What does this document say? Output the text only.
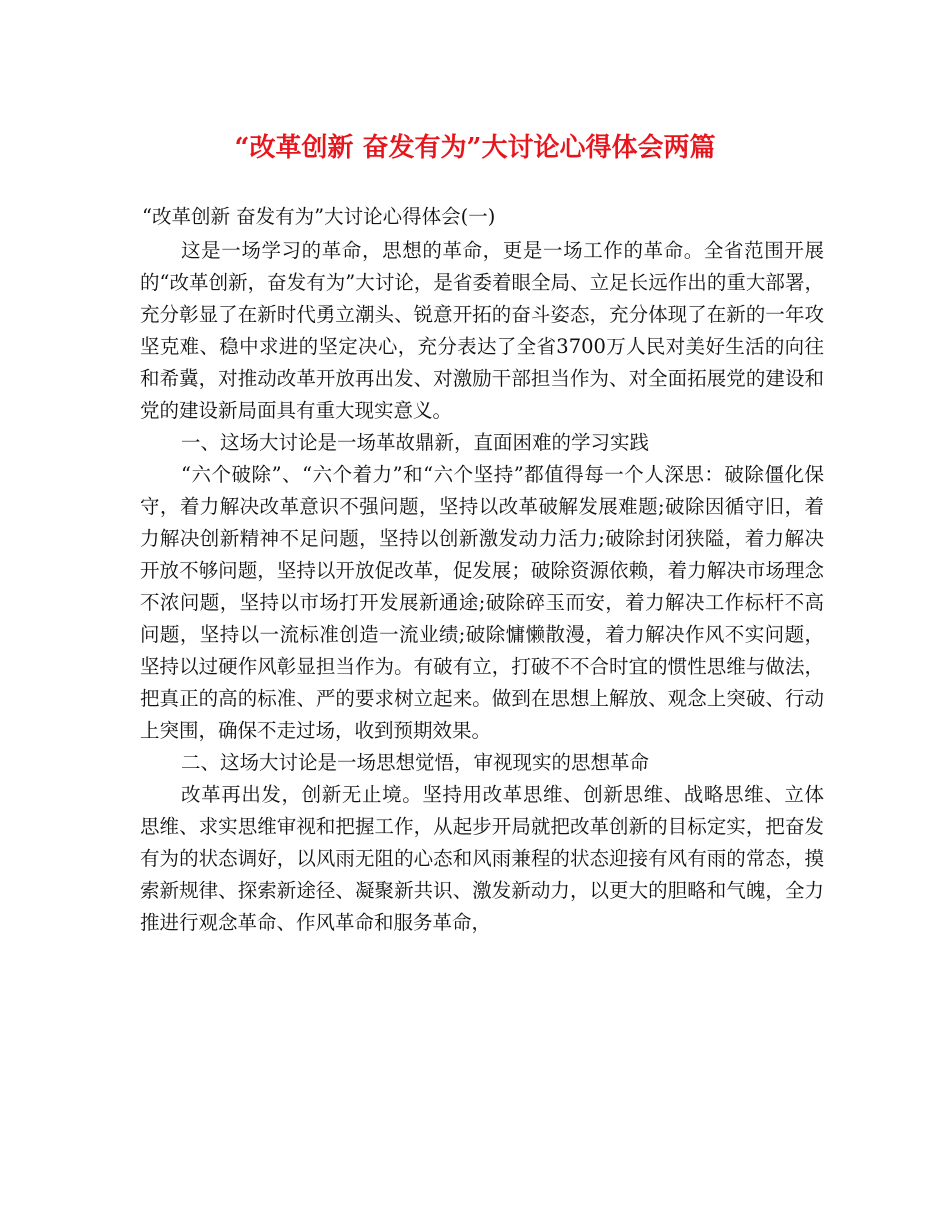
“改革创新 奋发有为”大讨论心得体会两篇

“改革创新 奋发有为”大讨论心得体会(一)

这是一场学习的革命，思想的革命，更是一场工作的革命。全省范围开展的“改革创新，奋发有为”大讨论，是省委着眼全局、立足长远作出的重大部署，充分彰显了在新时代勇立潮头、锐意开拓的奋斗姿态，充分体现了在新的一年攻坚克难、稳中求进的坚定决心，充分表达了全省3700万人民对美好生活的向往和希冀，对推动改革开放再出发、对激励干部担当作为、对全面拓展党的建设和党的建设新局面具有重大现实意义。

一、这场大讨论是一场革故鼎新，直面困难的学习实践

“六个破除”、“六个着力”和“六个坚持”都值得每一个人深思：破除僵化保守，着力解决改革意识不强问题，坚持以改革破解发展难题;破除因循守旧，着力解决创新精神不足问题，坚持以创新激发动力活力;破除封闭狭隘，着力解决开放不够问题，坚持以开放促改革，促发展；破除资源依赖，着力解决市场理念不浓问题，坚持以市场打开发展新通途;破除碎玉而安，着力解决工作标杆不高问题，坚持以一流标准创造一流业绩;破除慵懒散漫，着力解决作风不实问题，坚持以过硬作风彰显担当作为。有破有立，打破不不合时宜的惯性思维与做法，把真正的高的标准、严的要求树立起来。做到在思想上解放、观念上突破、行动上突围，确保不走过场，收到预期效果。

二、这场大讨论是一场思想觉悟，审视现实的思想革命

改革再出发，创新无止境。坚持用改革思维、创新思维、战略思维、立体思维、求实思维审视和把握工作，从起步开局就把改革创新的目标定实，把奋发有为的状态调好，以风雨无阻的心态和风雨兼程的状态迎接有风有雨的常态，摸索新规律、探索新途径、凝聚新共识、激发新动力，以更大的胆略和气魄，全力推进行观念革命、作风革命和服务革命，
